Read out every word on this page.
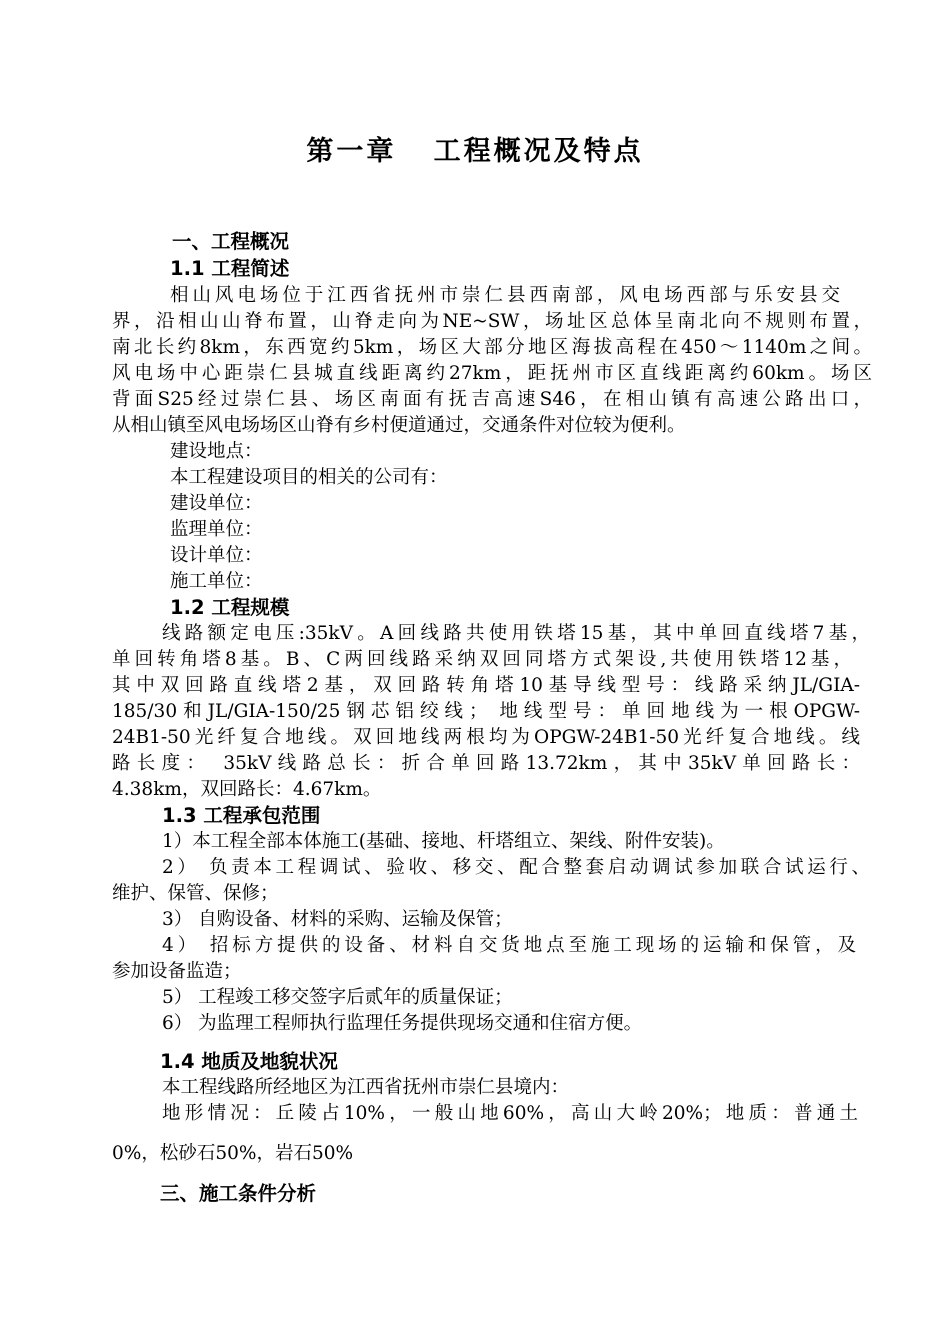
第一章   工程概况及特点
一、工程概况
1.1 工程简述
相山风电场位于江西省抚州市崇仁县西南部，风电场西部与乐安县交
界，沿相山山脊布置，山脊走向为NE~SW，场址区总体呈南北向不规则布置，
南北长约8km，东西宽约5km，场区大部分地区海拔高程在450～1140m之间。
风电场中心距崇仁县城直线距离约27km，距抚州市区直线距离约60km。场区
背面S25经过崇仁县、场区南面有抚吉高速S46，在相山镇有高速公路出口，
从相山镇至风电场场区山脊有乡村便道通过，交通条件对位较为便利。
建设地点：
本工程建设项目的相关的公司有：
建设单位：
监理单位：
设计单位：
施工单位：
1.2 工程规模
线路额定电压:35kV。A回线路共使用铁塔15基，其中单回直线塔7基，
单回转角塔8基。B、C两回线路采纳双回同塔方式架设,共使用铁塔12基，
其中双回路直线塔2基，双回路转角塔10基导线型号：线路采纳JL/GIA-
185/30和JL/GIA-150/25钢芯铝绞线； 地线型号：单回地线为一根OPGW-
24B1-50光纤复合地线。双回地线两根均为OPGW-24B1-50光纤复合地线。线
路长度： 35kV线路总长：折合单回路13.72km，其中35kV单回路长：
4.38km，双回路长：4.67km。
1.3 工程承包范围
1）本工程全部本体施工(基础、接地、杆塔组立、架线、附件安装)。
2） 负责本工程调试、验收、移交、配合整套启动调试参加联合试运行、
维护、保管、保修；
3） 自购设备、材料的采购、运输及保管；
4） 招标方提供的设备、材料自交货地点至施工现场的运输和保管，及
参加设备监造；
5） 工程竣工移交签字后贰年的质量保证；
6） 为监理工程师执行监理任务提供现场交通和住宿方便。
1.4 地质及地貌状况
本工程线路所经地区为江西省抚州市崇仁县境内：
地形情况：丘陵占10%，一般山地60%，高山大岭20%；地质：普通土
0%，松砂石50%，岩石50%
三、施工条件分析
